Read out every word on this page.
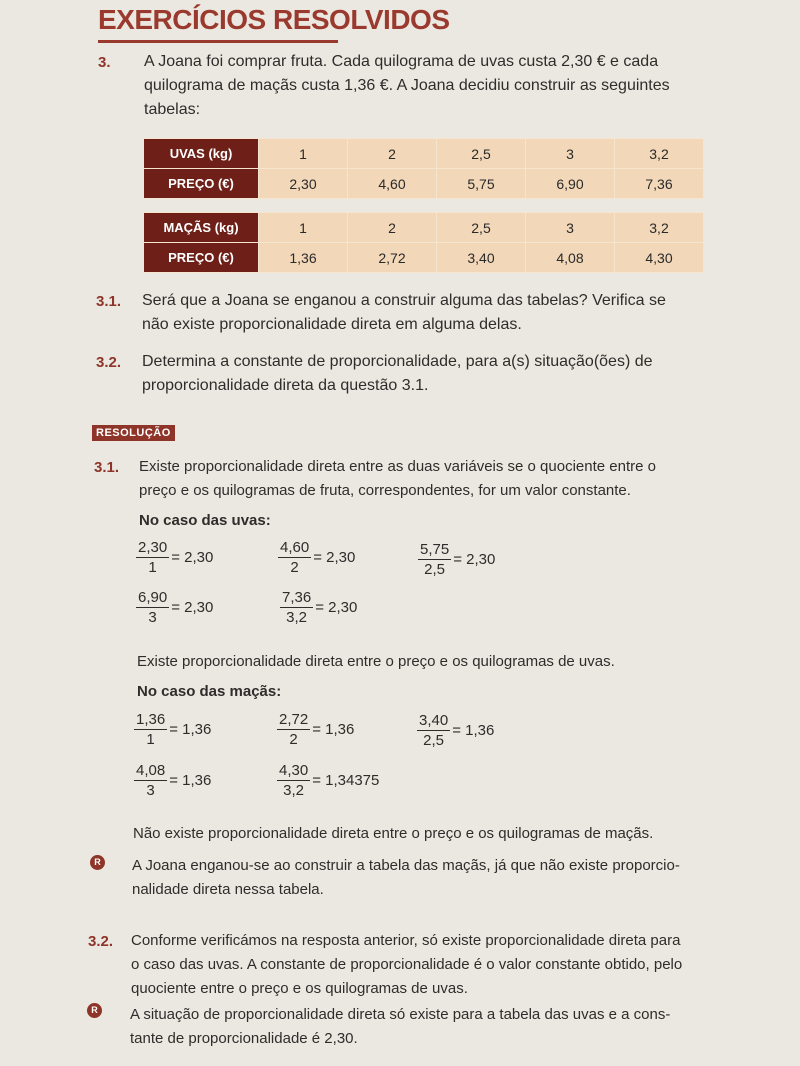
EXERCÍCIOS RESOLVIDOS
3. A Joana foi comprar fruta. Cada quilograma de uvas custa 2,30 € e cada
quilograma de maçãs custa 1,36 €. A Joana decidiu construir as seguintes
tabelas:
UVAS (kg)	1	2	2,5	3	3,2
PREÇO (€)	2,30	4,60	5,75	6,90	7,36
MAÇÃS (kg)	1	2	2,5	3	3,2
PREÇO (€)	1,36	2,72	3,40	4,08	4,30
3.1. Será que a Joana se enganou a construir alguma das tabelas? Verifica se
não existe proporcionalidade direta em alguma delas.
3.2. Determina a constante de proporcionalidade, para a(s) situação(ões) de
proporcionalidade direta da questão 3.1.
RESOLUÇÃO
3.1. Existe proporcionalidade direta entre as duas variáveis se o quociente entre o
preço e os quilogramas de fruta, correspondentes, for um valor constante.
No caso das uvas:
$\frac{2,30}{1} = 2,30$	$\frac{4,60}{2} = 2,30$	$\frac{5,75}{2,5} = 2,30$
$\frac{6,90}{3} = 2,30$	$\frac{7,36}{3,2} = 2,30$
Existe proporcionalidade direta entre o preço e os quilogramas de uvas.
No caso das maçãs:
$\frac{1,36}{1} = 1,36$	$\frac{2,72}{2} = 1,36$	$\frac{3,40}{2,5} = 1,36$
$\frac{4,08}{3} = 1,36$	$\frac{4,30}{3,2} = 1,34375$
Não existe proporcionalidade direta entre o preço e os quilogramas de maçãs.
R A Joana enganou-se ao construir a tabela das maçãs, já que não existe proporcio-
nalidade direta nessa tabela.
3.2. Conforme verificámos na resposta anterior, só existe proporcionalidade direta para
o caso das uvas. A constante de proporcionalidade é o valor constante obtido, pelo
quociente entre o preço e os quilogramas de uvas.
R A situação de proporcionalidade direta só existe para a tabela das uvas e a cons-
tante de proporcionalidade é 2,30.
